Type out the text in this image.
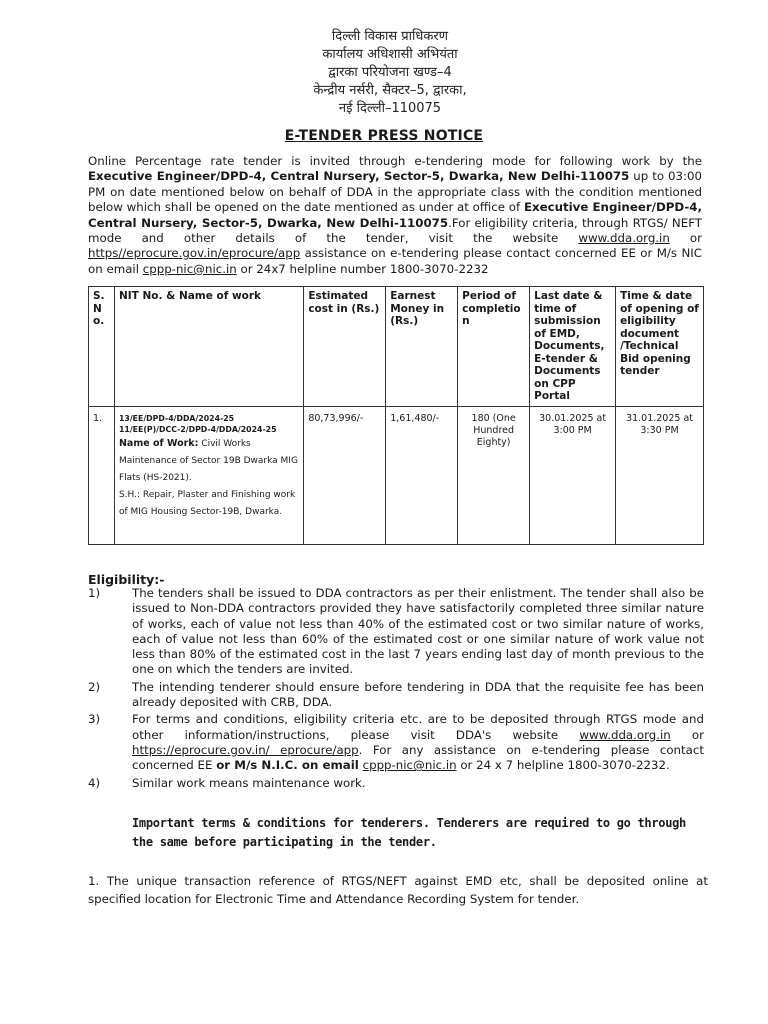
दिल्ली विकास प्राधिकरण
कार्यालय अधिशासी अभियंता
द्वारका परियोजना खण्ड–4
केन्द्रीय नर्सरी, सैक्टर–5, द्वारका,
नई दिल्ली–110075
E-TENDER PRESS NOTICE
Online Percentage rate tender is invited through e-tendering mode for following work by the Executive Engineer/DPD-4, Central Nursery, Sector-5, Dwarka, New Delhi-110075 up to 03:00 PM on date mentioned below on behalf of DDA in the appropriate class with the condition mentioned below which shall be opened on the date mentioned as under at office of Executive Engineer/DPD-4, Central Nursery, Sector-5, Dwarka, New Delhi-110075.For eligibility criteria, through RTGS/ NEFT mode and other details of the tender, visit the website www.dda.org.in or https//eprocure.gov.in/eprocure/app assistance on e-tendering please contact concerned EE or M/s NIC on email cppp-nic@nic.in or 24x7 helpline number 1800-3070-2232
S. N o.	NIT No. & Name of work	Estimated cost in (Rs.)	Earnest Money in (Rs.)	Period of completio n	Last date & time of submission of EMD, Documents, E-tender & Documents on CPP Portal	Time & date of opening of eligibility document /Technical Bid opening tender
1.	13/EE/DPD-4/DDA/2024-25
11/EE(P)/DCC-2/DPD-4/DDA/2024-25
Name of Work: Civil Works Maintenance of Sector 19B Dwarka MIG Flats (HS-2021).
S.H.: Repair, Plaster and Finishing work of MIG Housing Sector-19B, Dwarka.	80,73,996/-	1,61,480/-	180 (One Hundred Eighty)	30.01.2025 at 3:00 PM	31.01.2025 at 3:30 PM
Eligibility:-
1)	The tenders shall be issued to DDA contractors as per their enlistment. The tender shall also be issued to Non-DDA contractors provided they have satisfactorily completed three similar nature of works, each of value not less than 40% of the estimated cost or two similar nature of works, each of value not less than 60% of the estimated cost or one similar nature of work value not less than 80% of the estimated cost in the last 7 years ending last day of month previous to the one on which the tenders are invited.
2)	The intending tenderer should ensure before tendering in DDA that the requisite fee has been already deposited with CRB, DDA.
3)	For terms and conditions, eligibility criteria etc. are to be deposited through RTGS mode and other information/instructions, please visit DDA's website www.dda.org.in or https://eprocure.gov.in/ eprocure/app. For any assistance on e-tendering please contact concerned EE or M/s N.I.C. on email cppp-nic@nic.in or 24 x 7 helpline 1800-3070-2232.
4)	Similar work means maintenance work.
Important terms & conditions for tenderers. Tenderers are required to go through the same before participating in the tender.
1. The unique transaction reference of RTGS/NEFT against EMD etc, shall be deposited online at specified location for Electronic Time and Attendance Recording System for tender.
